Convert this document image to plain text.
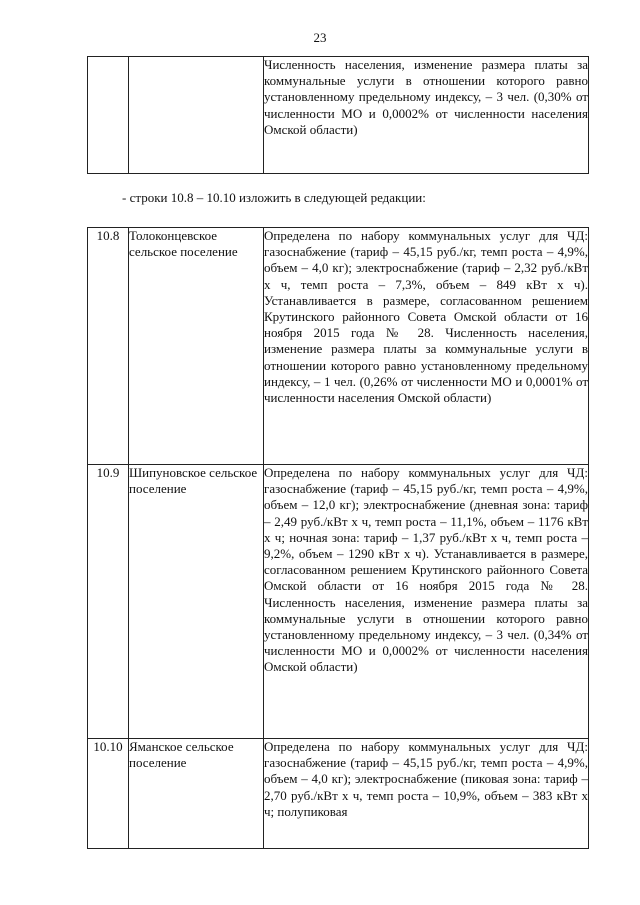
23
		Численность населения, изменение размера платы за коммунальные услуги в отношении которого равно установленному предельному индексу, – 3 чел. (0,30% от численности МО и 0,0002% от численности населения Омской области)
- строки 10.8 – 10.10 изложить в следующей редакции:
10.8	Толоконцевское сельское поселение	Определена по набору коммунальных услуг для ЧД: газоснабжение (тариф – 45,15 руб./кг, темп роста – 4,9%, объем – 4,0 кг); электроснабжение (тариф – 2,32 руб./кВт х ч, темп роста – 7,3%, объем – 849 кВт х ч). Устанавливается в размере, согласованном решением Крутинского районного Совета Омской области от 16 ноября 2015 года № 28. Численность населения, изменение размера платы за коммунальные услуги в отношении которого равно установленному предельному индексу, – 1 чел. (0,26% от численности МО и 0,0001% от численности населения Омской области)
10.9	Шипуновское сельское поселение	Определена по набору коммунальных услуг для ЧД: газоснабжение (тариф – 45,15 руб./кг, темп роста – 4,9%, объем – 12,0 кг); электроснабжение (дневная зона: тариф – 2,49 руб./кВт х ч, темп роста – 11,1%, объем – 1176 кВт х ч; ночная зона: тариф – 1,37 руб./кВт х ч, темп роста – 9,2%, объем – 1290 кВт х ч). Устанавливается в размере, согласованном решением Крутинского районного Совета Омской области от 16 ноября 2015 года № 28. Численность населения, изменение размера платы за коммунальные услуги в отношении которого равно установленному предельному индексу, – 3 чел. (0,34% от численности МО и 0,0002% от численности населения Омской области)
10.10	Яманское сельское поселение	Определена по набору коммунальных услуг для ЧД: газоснабжение (тариф – 45,15 руб./кг, темп роста – 4,9%, объем – 4,0 кг); электроснабжение (пиковая зона: тариф – 2,70 руб./кВт х ч, темп роста – 10,9%, объем – 383 кВт х ч; полупиковая
